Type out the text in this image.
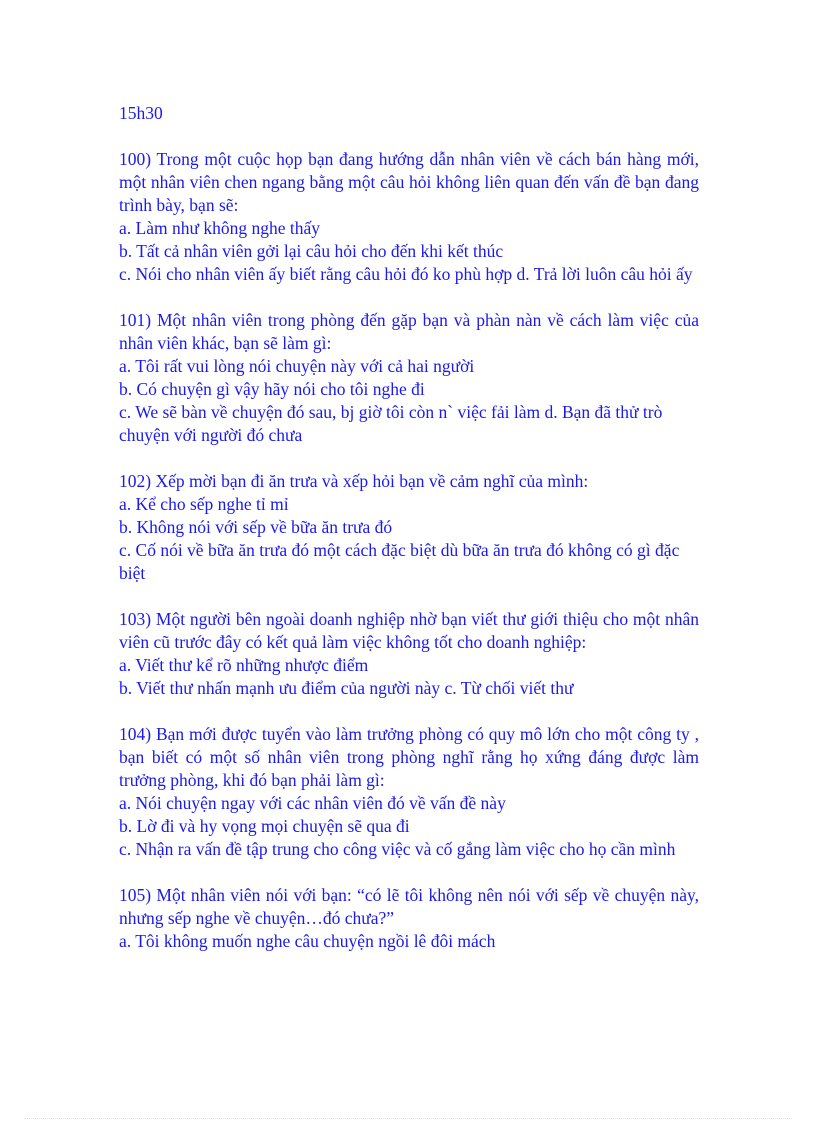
15h30

100) Trong một cuộc họp bạn đang hướng dẫn nhân viên về cách bán hàng mới, một nhân viên chen ngang bằng một câu hỏi không liên quan đến vấn đề bạn đang trình bày, bạn sẽ:

a. Làm như không nghe thấy
b. Tất cả nhân viên gởi lại câu hỏi cho đến khi kết thúc
c. Nói cho nhân viên ấy biết rằng câu hỏi đó ko phù hợp d. Trả lời luôn câu hỏi ấy

101) Một nhân viên trong phòng đến gặp bạn và phàn nàn về cách làm việc của nhân viên khác, bạn sẽ làm gì:

a. Tôi rất vui lòng nói chuyện này với cả hai người
b. Có chuyện gì vậy hãy nói cho tôi nghe đi
c. We sẽ bàn về chuyện đó sau, bj giờ tôi còn n` việc fải làm d. Bạn đã thử trò chuyện với người đó chưa

102) Xếp mời bạn đi ăn trưa và xếp hỏi bạn về cảm nghĩ của mình:

a. Kể cho sếp nghe tỉ mỉ
b. Không nói với sếp về bữa ăn trưa đó
c. Cố nói về bữa ăn trưa đó một cách đặc biệt dù bữa ăn trưa đó không có gì đặc biệt

103) Một người bên ngoài doanh nghiệp nhờ bạn viết thư giới thiệu cho một nhân viên cũ trước đây có kết quả làm việc không tốt cho doanh nghiệp:

a. Viết thư kể rõ những nhược điểm
b. Viết thư nhấn mạnh ưu điểm của người này c. Từ chối viết thư

104) Bạn mới được tuyển vào làm trưởng phòng có quy mô lớn cho một công ty , bạn biết có một số nhân viên trong phòng nghĩ rằng họ xứng đáng được làm trưởng phòng, khi đó bạn phải làm gì:

a. Nói chuyện ngay với các nhân viên đó về vấn đề này
b. Lờ đi và hy vọng mọi chuyện sẽ qua đi
c. Nhận ra vấn đề tập trung cho công việc và cố gắng làm việc cho họ cần mình

105) Một nhân viên nói với bạn: “có lẽ tôi không nên nói với sếp về chuyện này, nhưng sếp nghe về chuyện…đó chưa?”

a. Tôi không muốn nghe câu chuyện ngồi lê đôi mách
